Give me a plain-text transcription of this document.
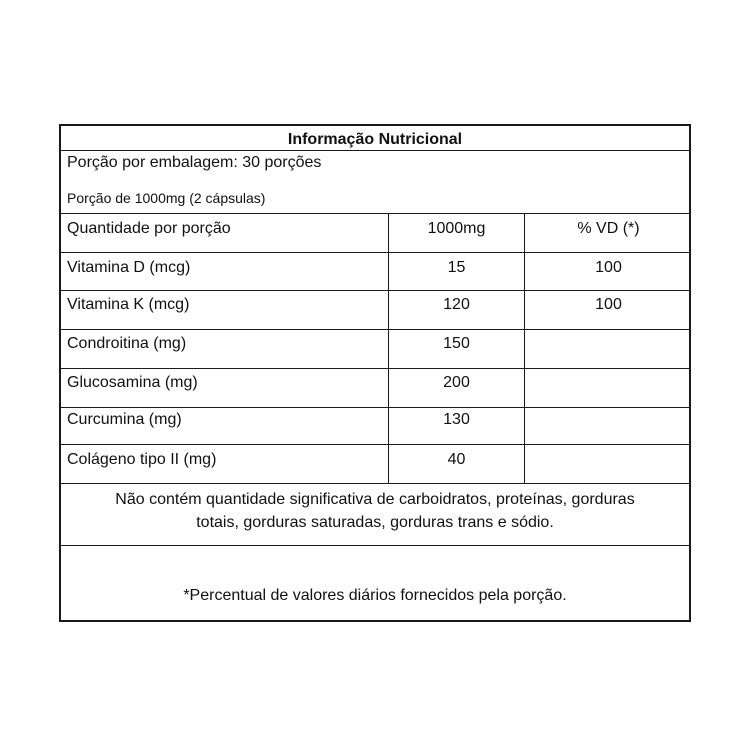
Informação Nutricional
Porção por embalagem: 30 porções
Porção de 1000mg (2 cápsulas)
Quantidade por porção	1000mg	% VD (*)
Vitamina D (mcg)	15	100
Vitamina K (mcg)	120	100
Condroitina (mg)	150
Glucosamina (mg)	200
Curcumina (mg)	130
Colágeno tipo II (mg)	40
Não contém quantidade significativa de carboidratos, proteínas, gorduras
totais, gorduras saturadas, gorduras trans e sódio.
*Percentual de valores diários fornecidos pela porção.
